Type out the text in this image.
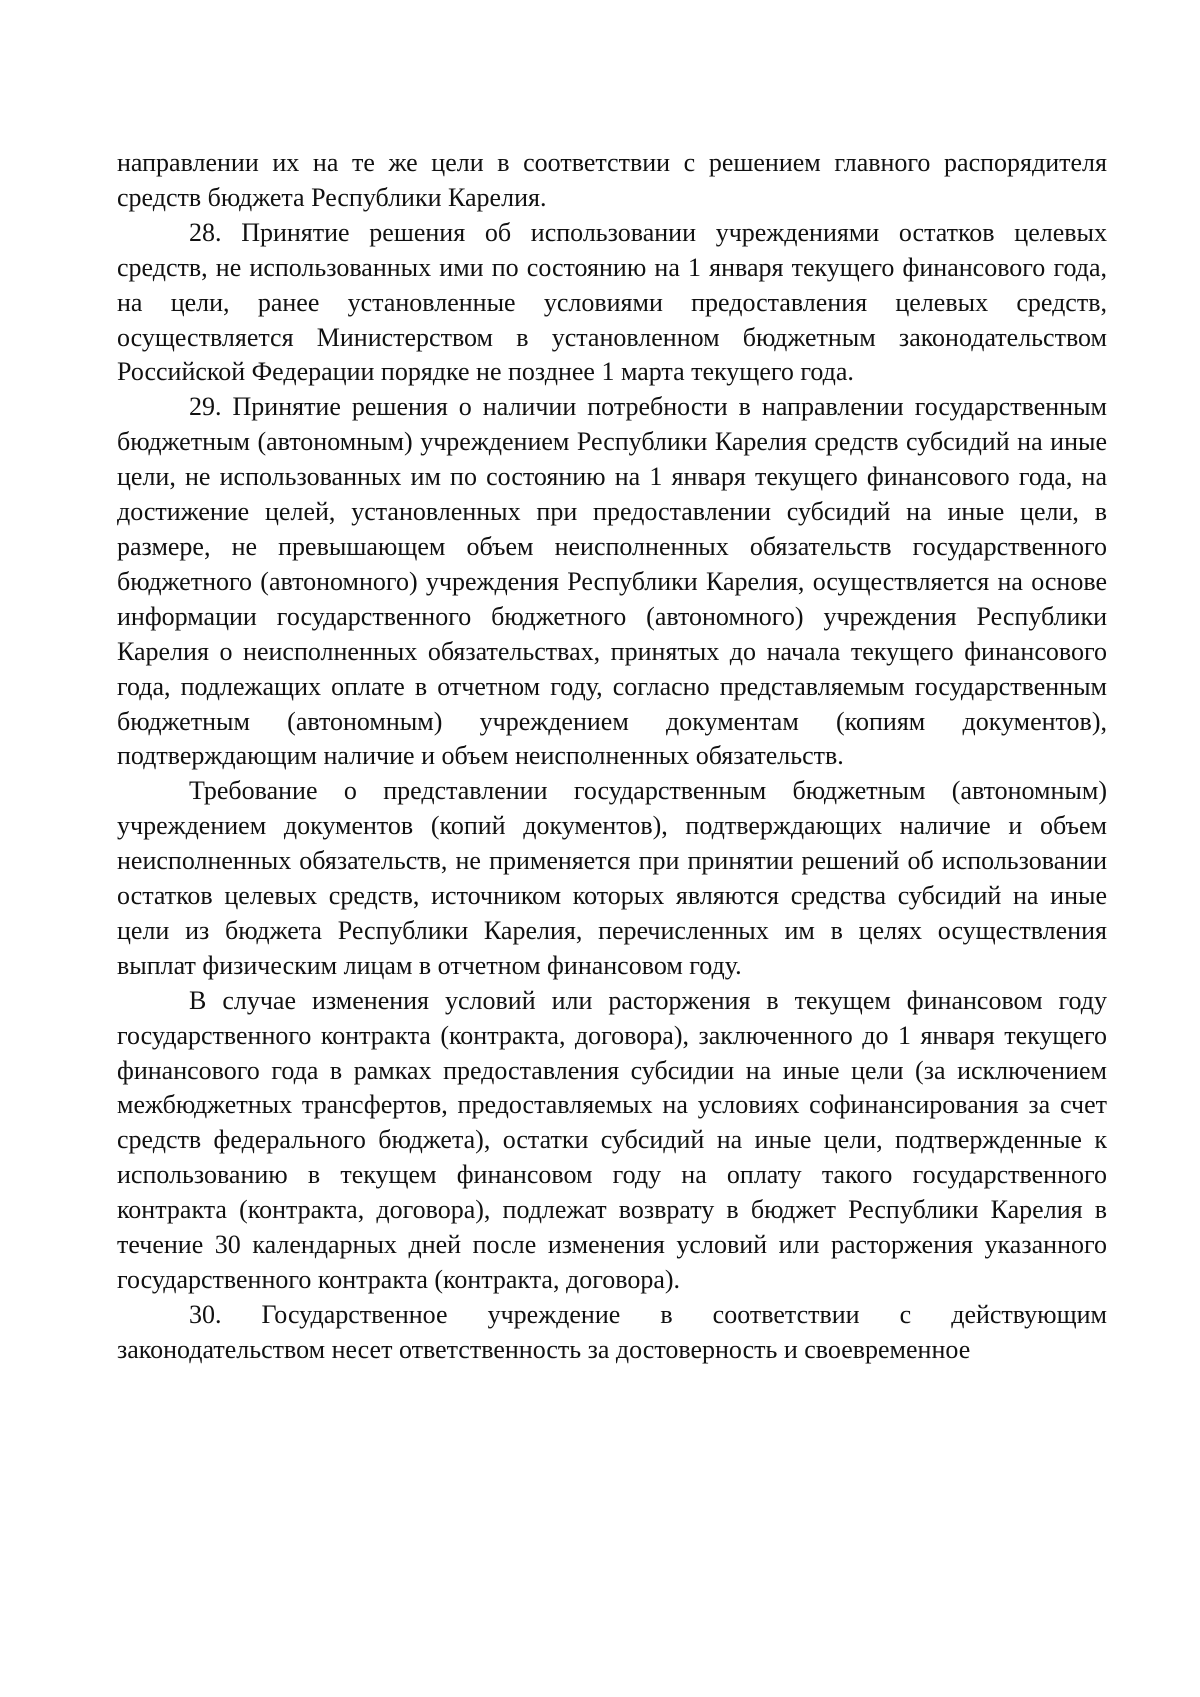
направлении их на те же цели в соответствии с решением главного распорядителя средств бюджета Республики Карелия.

28. Принятие решения об использовании учреждениями остатков целевых средств, не использованных ими по состоянию на 1 января текущего финансового года, на цели, ранее установленные условиями предоставления целевых средств, осуществляется Министерством в установленном бюджетным законодательством Российской Федерации порядке не позднее 1 марта текущего года.

29. Принятие решения о наличии потребности в направлении государственным бюджетным (автономным) учреждением Республики Карелия средств субсидий на иные цели, не использованных им по состоянию на 1 января текущего финансового года, на достижение целей, установленных при предоставлении субсидий на иные цели, в размере, не превышающем объем неисполненных обязательств государственного бюджетного (автономного) учреждения Республики Карелия, осуществляется на основе информации государственного бюджетного (автономного) учреждения Республики Карелия о неисполненных обязательствах, принятых до начала текущего финансового года, подлежащих оплате в отчетном году, согласно представляемым государственным бюджетным (автономным) учреждением документам (копиям документов), подтверждающим наличие и объем неисполненных обязательств.

Требование о представлении государственным бюджетным (автономным) учреждением документов (копий документов), подтверждающих наличие и объем неисполненных обязательств, не применяется при принятии решений об использовании остатков целевых средств, источником которых являются средства субсидий на иные цели из бюджета Республики Карелия, перечисленных им в целях осуществления выплат физическим лицам в отчетном финансовом году.

В случае изменения условий или расторжения в текущем финансовом году государственного контракта (контракта, договора), заключенного до 1 января текущего финансового года в рамках предоставления субсидии на иные цели (за исключением межбюджетных трансфертов, предоставляемых на условиях софинансирования за счет средств федерального бюджета), остатки субсидий на иные цели, подтвержденные к использованию в текущем финансовом году на оплату такого государственного контракта (контракта, договора), подлежат возврату в бюджет Республики Карелия в течение 30 календарных дней после изменения условий или расторжения указанного государственного контракта (контракта, договора).

30. Государственное учреждение в соответствии с действующим законодательством несет ответственность за достоверность и своевременное
